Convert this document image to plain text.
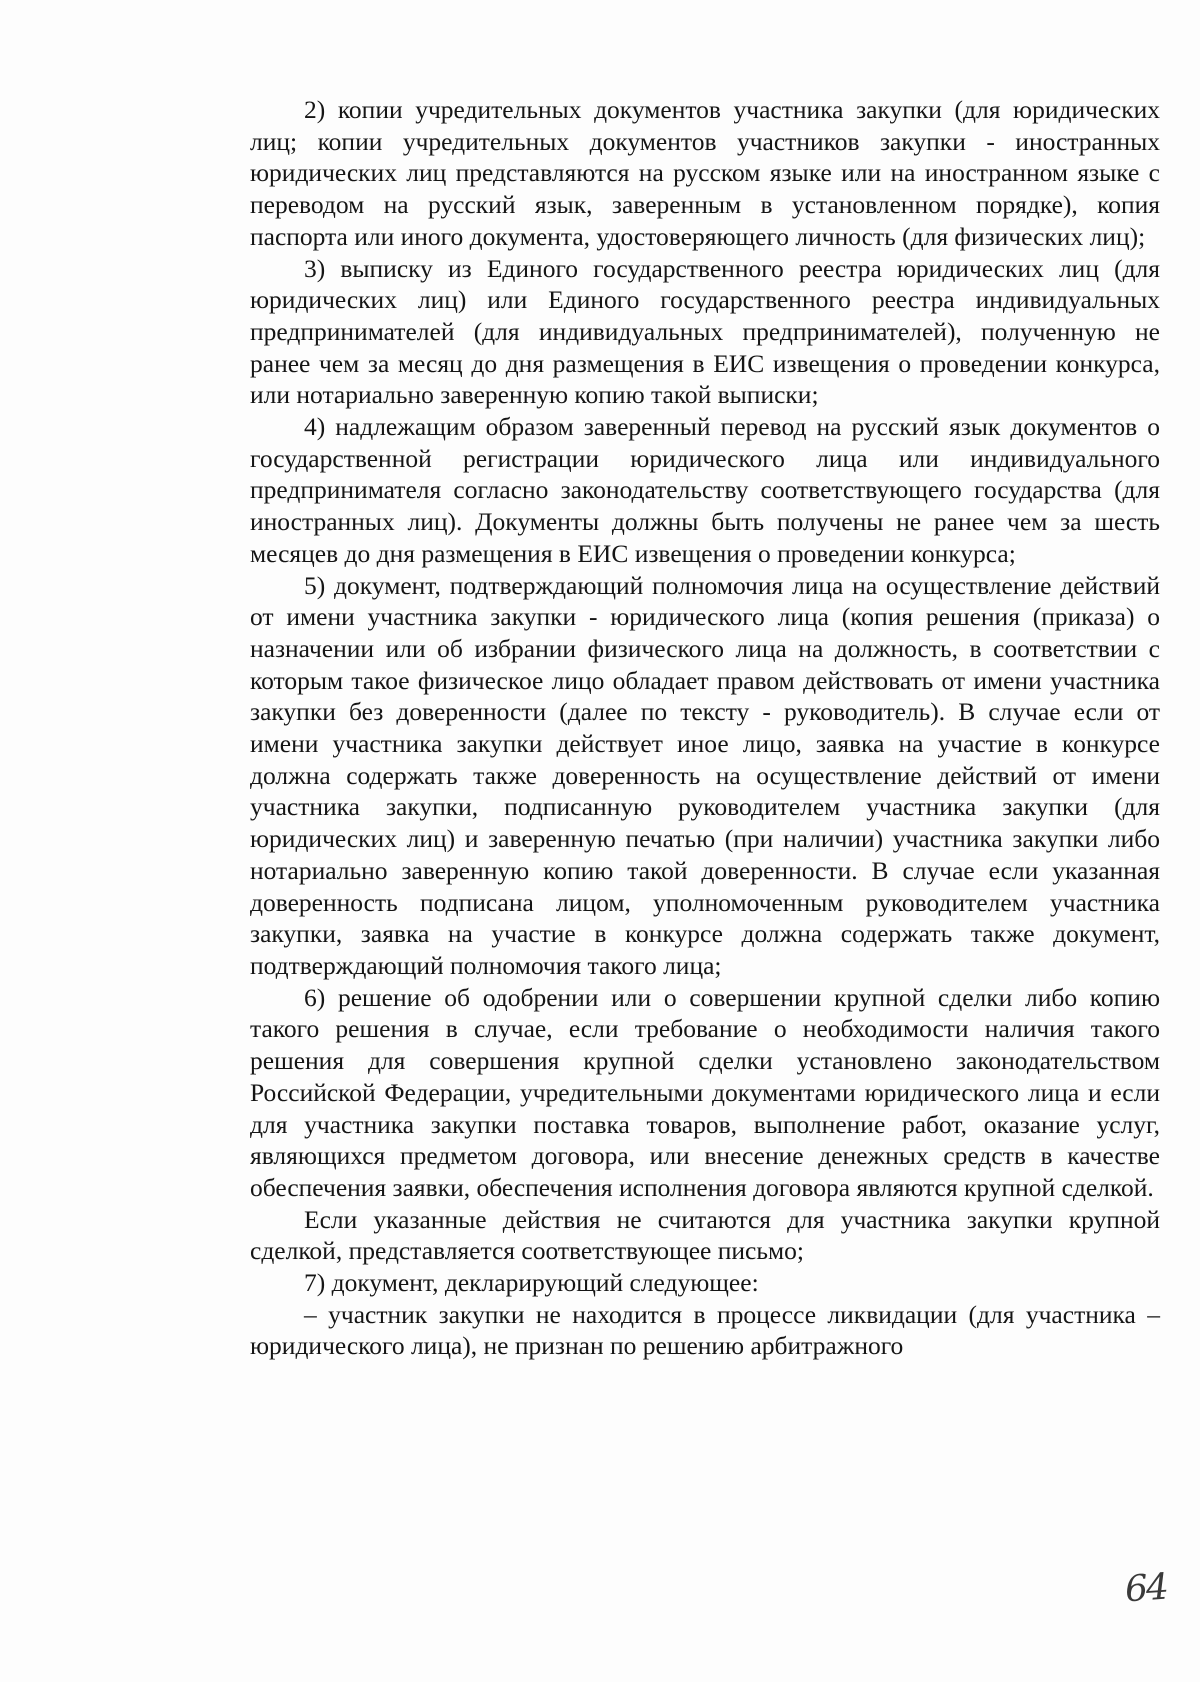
2) копии учредительных документов участника закупки (для юридических лиц; копии учредительных документов участников закупки - иностранных юридических лиц представляются на русском языке или на иностранном языке с переводом на русский язык, заверенным в установленном порядке), копия паспорта или иного документа, удостоверяющего личность (для физических лиц);

3) выписку из Единого государственного реестра юридических лиц (для юридических лиц) или Единого государственного реестра индивидуальных предпринимателей (для индивидуальных предпринимателей), полученную не ранее чем за месяц до дня размещения в ЕИС извещения о проведении конкурса, или нотариально заверенную копию такой выписки;

4) надлежащим образом заверенный перевод на русский язык документов о государственной регистрации юридического лица или индивидуального предпринимателя согласно законодательству соответствующего государства (для иностранных лиц). Документы должны быть получены не ранее чем за шесть месяцев до дня размещения в ЕИС извещения о проведении конкурса;

5) документ, подтверждающий полномочия лица на осуществление действий от имени участника закупки - юридического лица (копия решения (приказа) о назначении или об избрании физического лица на должность, в соответствии с которым такое физическое лицо обладает правом действовать от имени участника закупки без доверенности (далее по тексту - руководитель). В случае если от имени участника закупки действует иное лицо, заявка на участие в конкурсе должна содержать также доверенность на осуществление действий от имени участника закупки, подписанную руководителем участника закупки (для юридических лиц) и заверенную печатью (при наличии) участника закупки либо нотариально заверенную копию такой доверенности. В случае если указанная доверенность подписана лицом, уполномоченным руководителем участника закупки, заявка на участие в конкурсе должна содержать также документ, подтверждающий полномочия такого лица;

6) решение об одобрении или о совершении крупной сделки либо копию такого решения в случае, если требование о необходимости наличия такого решения для совершения крупной сделки установлено законодательством Российской Федерации, учредительными документами юридического лица и если для участника закупки поставка товаров, выполнение работ, оказание услуг, являющихся предметом договора, или внесение денежных средств в качестве обеспечения заявки, обеспечения исполнения договора являются крупной сделкой.

Если указанные действия не считаются для участника закупки крупной сделкой, представляется соответствующее письмо;

7) документ, декларирующий следующее:

– участник закупки не находится в процессе ликвидации (для участника – юридического лица), не признан по решению арбитражного

64
